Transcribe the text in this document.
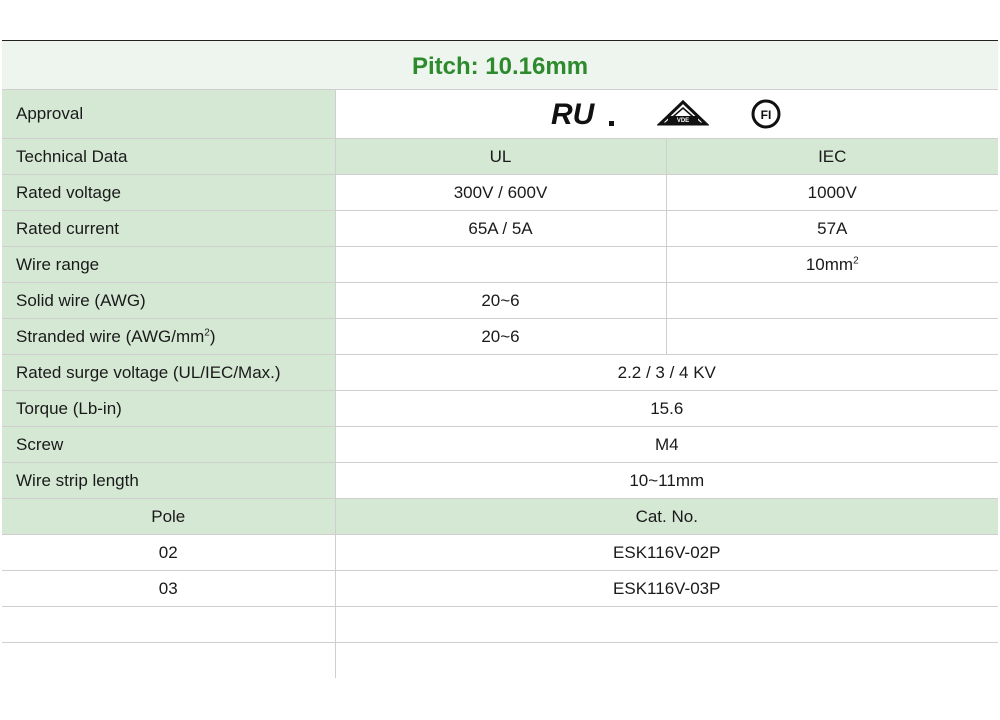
Pitch: 10.16mm
Approval	RU VDE FI	

Technical Data	UL	IEC
Rated voltage	300V / 600V	1000V
Rated current	65A / 5A	57A
Wire range		$10mm^2$
Solid wire (AWG)	20~6	
Stranded wire $(AWG/mm^2)$	20~6	
Rated surge voltage (UL/IEC/Max.)	2.2 / 3 / 4 KV	
Torque (Lb-in)	15.6	
Screw	M4	
Wire strip length	10~11mm	
Pole	Cat. No.	
02	ESK116V-02P	
03	ESK116V-03P	
